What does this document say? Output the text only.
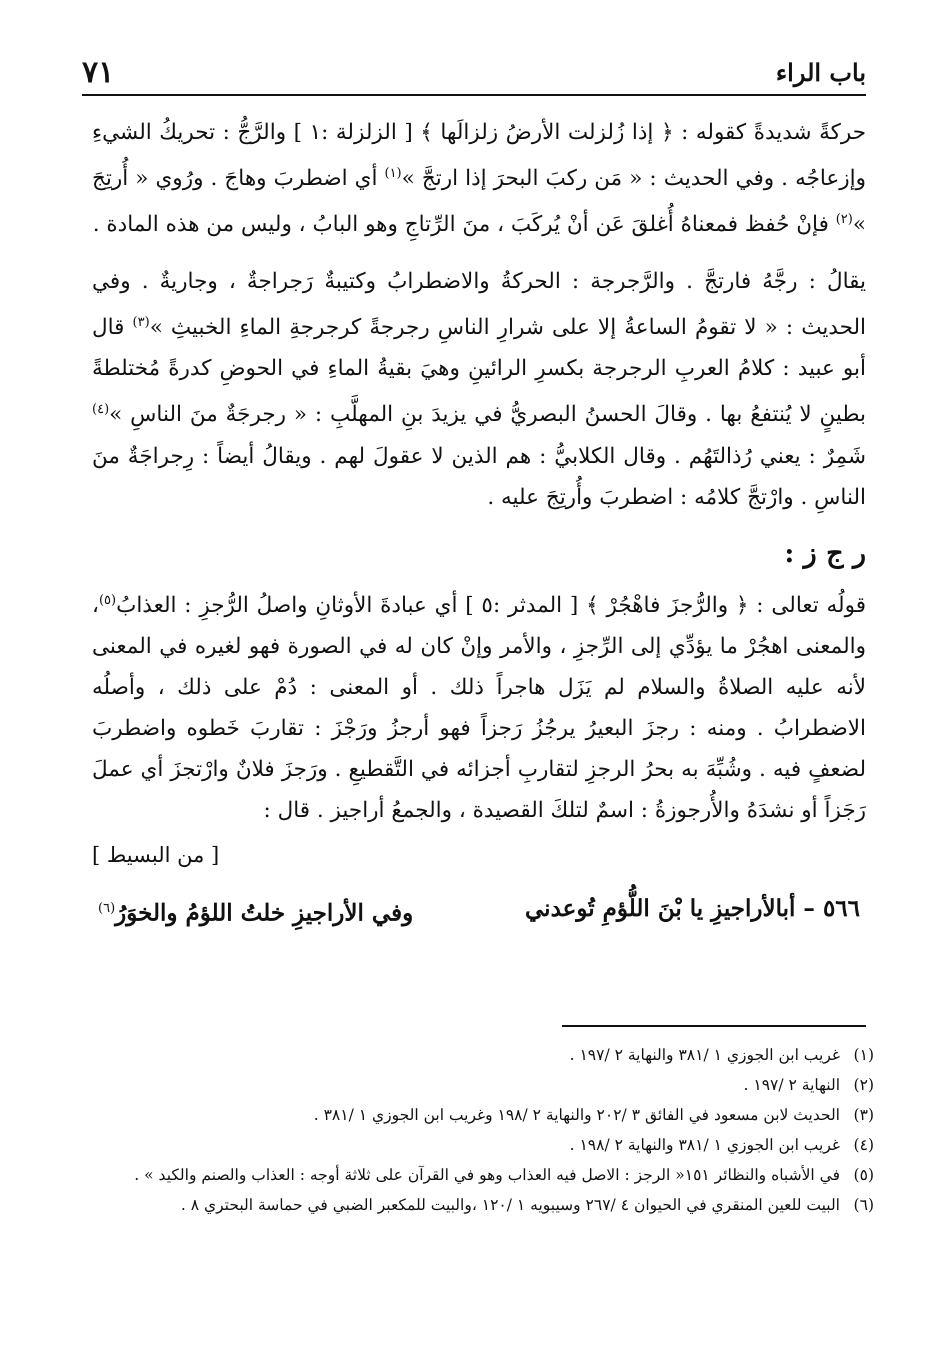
باب الراء
٧١

حركةً شديدةً كقوله : ﴿ إذا زُلزلت الأرضُ زلزالَها ﴾ [ الزلزلة :١ ] والرَّجُّ : تحريكُ الشيءِ وإزعاجُه . وفي الحديث : « مَن ركبَ البحرَ إذا ارتجَّ »$^{(١)}$ أي اضطربَ وهاجَ . ورُوي « أُرتِجَ »$^{(٢)}$ فإنْ حُفظ فمعناهُ أُغلقَ عَن أنْ يُركَبَ ، منَ الرِّتاجِ وهو البابُ ، وليس من هذه المادة .

يقالُ : رجَّهُ فارتجَّ . والرَّجرجة : الحركةُ والاضطرابُ وكتيبةٌ رَجراجةٌ ، وجاريةٌ . وفي الحديث : « لا تقومُ الساعةُ إلا على شرارِ الناسِ رجرجةً كرجرجةِ الماءِ الخبيثِ »$^{(٣)}$ قال أبو عبيد : كلامُ العربِ الرجرجة بكسرِ الرائينِ وهيَ بقيةُ الماءِ في الحوضِ كدرةً مُختلطةً بطينٍ لا يُنتفعُ بها . وقالَ الحسنُ البصريُّ في يزيدَ بنِ المهلَّبِ : « رجرجَةٌ منَ الناسِ »$^{(٤)}$ شَمِرٌ : يعني رُذالتَهُم . وقال الكلابيُّ : هم الذين لا عقولَ لهم . ويقالُ أيضاً : رِجراجَةٌ منَ الناسِ . وارْتجَّ كلامُه : اضطربَ وأُرتِجَ عليه .

ر ج ز :

قولُه تعالى : ﴿ والرُّجزَ فاهْجُرْ ﴾ [ المدثر :٥ ] أي عبادةَ الأوثانِ واصلُ الرُّجزِ : العذابُ$^{(٥)}$، والمعنى اهجُرْ ما يؤدِّي إلى الرِّجزِ ، والأمر وإنْ كان له في الصورة فهو لغيره في المعنى لأنه عليه الصلاةُ والسلام لم يَزَل هاجراً ذلك . أو المعنى : دُمْ على ذلك ، وأصلُه الاضطرابُ . ومنه : رجزَ البعيرُ يرجُزُ رَجزاً فهو أرجزُ ورَجْزَ : تقاربَ خَطوه واضطربَ لضعفٍ فيه . وشُبِّهَ به بحرُ الرجزِ لتقاربِ أجزائه في التَّقطيعِ . ورَجزَ فلانٌ وارْتجزَ أي عملَ رَجَزاً أو نشدَهُ والأُرجوزةُ : اسمٌ لتلكَ القصيدة ، والجمعُ أراجيز . قال :

[ من البسيط ]
٥٦٦ – أبالأراجيزِ يا بْنَ اللُّؤمِ تُوعدني
وفي الأراجيزِ خلتُ اللؤمُ والخوَرُ$^{(٦)}$
(١)
غريب ابن الجوزي ١ /٣٨١ والنهاية ٢ /١٩٧ .
(٢)
النهاية ٢ /١٩٧ .
(٣)
الحديث لابن مسعود في الفائق ٣ /٢٠٢ والنهاية ٢ /١٩٨ وغريب ابن الجوزي ١ /٣٨١ .
(٤)
غريب ابن الجوزي ١ /٣٨١ والنهاية ٢ /١٩٨ .
(٥)
في الأشباه والنظائر ١٥١« الرجز : الاصل فيه العذاب وهو في القرآن على ثلاثة أوجه : العذاب والصنم والكيد » .
(٦)
البيت للعين المنقري في الحيوان ٤ /٢٦٧ وسيبويه ١ /١٢٠ ،والبيت للمكعبر الضبي في حماسة البحتري ٨ .
